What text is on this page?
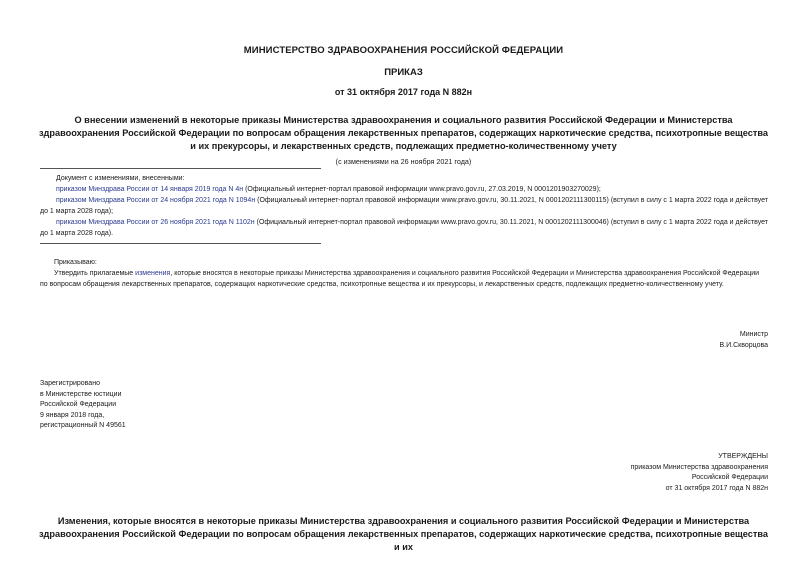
МИНИСТЕРСТВО ЗДРАВООХРАНЕНИЯ РОССИЙСКОЙ ФЕДЕРАЦИИ
ПРИКАЗ
от 31 октября 2017 года N 882н
О внесении изменений в некоторые приказы Министерства здравоохранения и социального развития Российской Федерации и Министерства здравоохранения Российской Федерации по вопросам обращения лекарственных препаратов, содержащих наркотические средства, психотропные вещества и их прекурсоры, и лекарственных средств, подлежащих предметно-количественному учету
(с изменениями на 26 ноября 2021 года)
Документ с изменениями, внесенными:
приказом Минздрава России от 14 января 2019 года N 4н (Официальный интернет-портал правовой информации www.pravo.gov.ru, 27.03.2019, N 0001201903270029);
приказом Минздрава России от 24 ноября 2021 года N 1094н (Официальный интернет-портал правовой информации www.pravo.gov.ru, 30.11.2021, N 0001202111300115) (вступил в силу с 1 марта 2022 года и действует до 1 марта 2028 года);
приказом Минздрава России от 26 ноября 2021 года N 1102н (Официальный интернет-портал правовой информации www.pravo.gov.ru, 30.11.2021, N 0001202111300046) (вступил в силу с 1 марта 2022 года и действует до 1 марта 2028 года).
Приказываю:
Утвердить прилагаемые изменения, которые вносятся в некоторые приказы Министерства здравоохранения и социального развития Российской Федерации и Министерства здравоохранения Российской Федерации по вопросам обращения лекарственных препаратов, содержащих наркотические средства, психотропные вещества и их прекурсоры, и лекарственных средств, подлежащих предметно-количественному учету.
Министр
В.И.Скворцова
Зарегистрировано
в Министерстве юстиции
Российской Федерации
9 января 2018 года,
регистрационный N 49561
УТВЕРЖДЕНЫ
приказом Министерства здравоохранения
Российской Федерации
от 31 октября 2017 года N 882н
Изменения, которые вносятся в некоторые приказы Министерства здравоохранения и социального развития Российской Федерации и Министерства здравоохранения Российской Федерации по вопросам обращения лекарственных препаратов, содержащих наркотические средства, психотропные вещества и их
